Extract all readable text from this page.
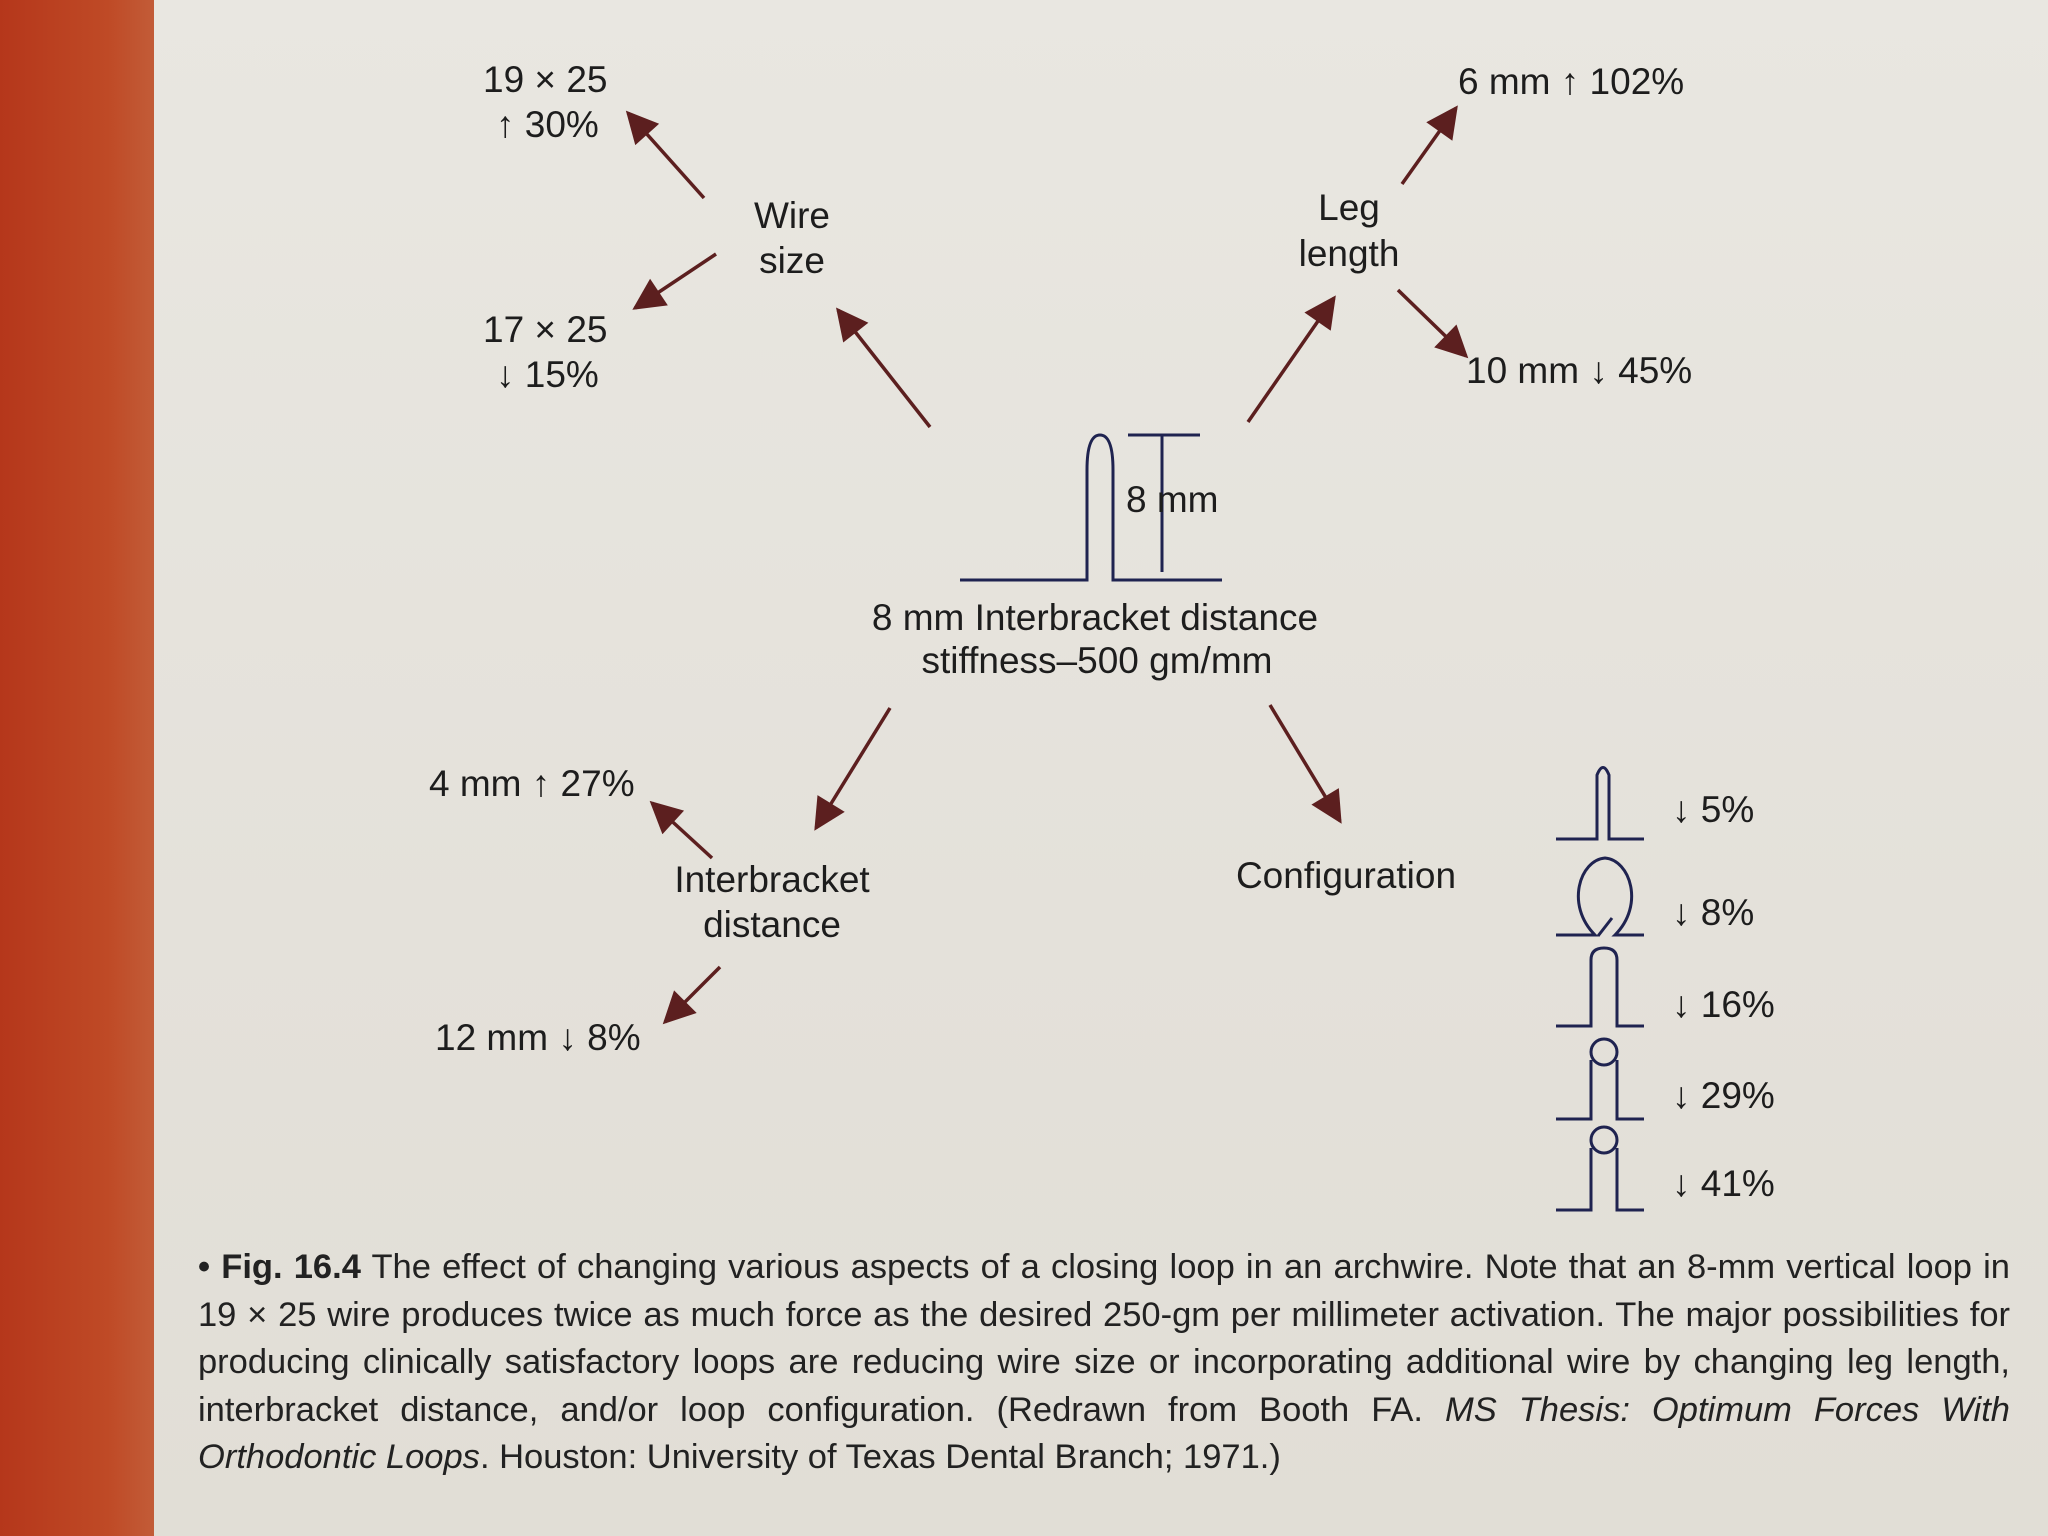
8 mm
8 mm Interbracket distance
stiffness–500 gm/mm
Wire
size
19 × 25
↑ 30%
17 × 25
↓ 15%
Leg
length
6 mm ↑ 102%
10 mm ↓ 45%
Interbracket
distance
4 mm ↑ 27%
12 mm ↓ 8%
Configuration
↓ 5%
↓ 8%
↓ 16%
↓ 29%
↓ 41%
• Fig. 16.4 The effect of changing various aspects of a closing loop in an archwire. Note that an 8-mm vertical loop in 19 × 25 wire produces twice as much force as the desired 250-gm per millimeter activation. The major possibilities for producing clinically satisfactory loops are reducing wire size or incorporating additional wire by changing leg length, interbracket distance, and/or loop configuration. (Redrawn from Booth FA. MS Thesis: Optimum Forces With Orthodontic Loops. Houston: University of Texas Dental Branch; 1971.)
